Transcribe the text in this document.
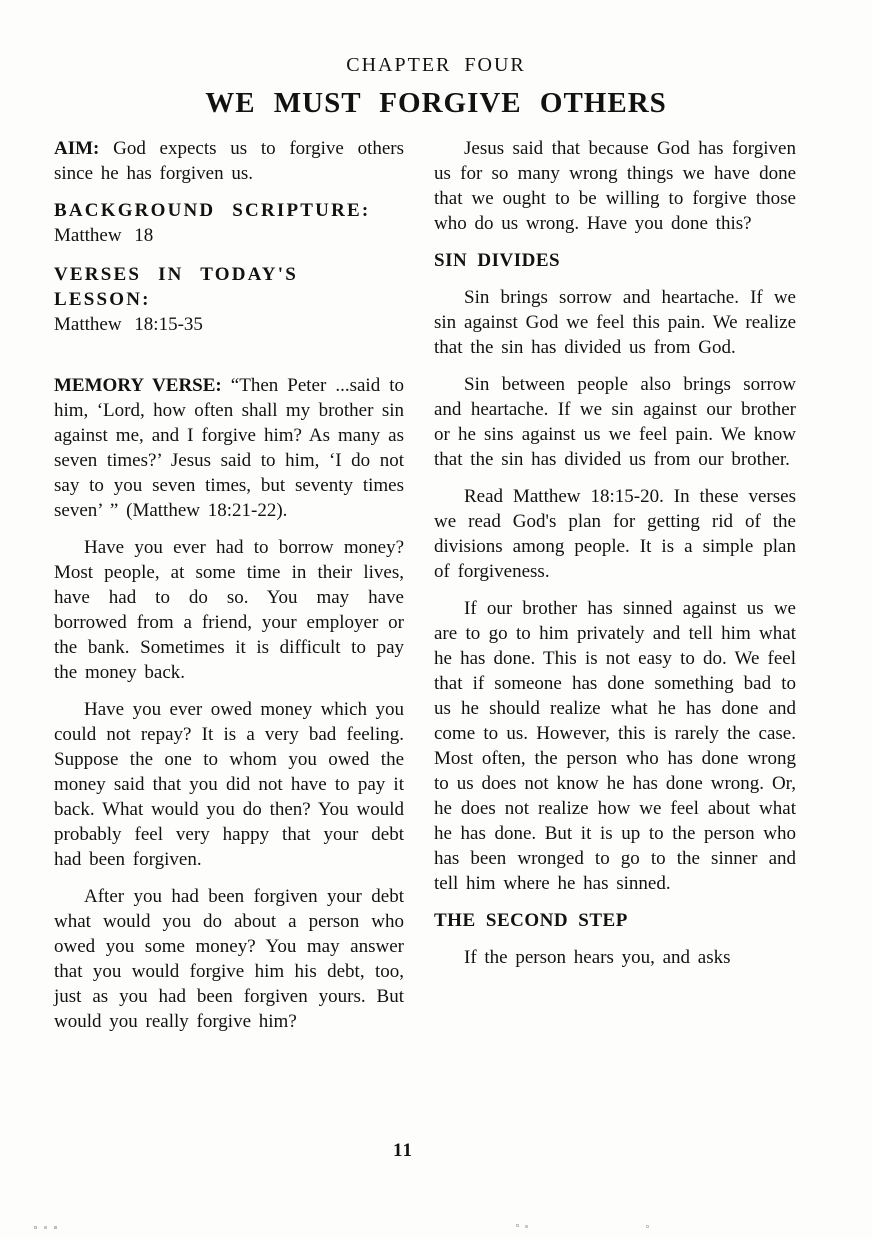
CHAPTER FOUR
WE MUST FORGIVE OTHERS

AIM: God expects us to forgive others since he has forgiven us.

BACKGROUND SCRIPTURE:

Matthew 18

VERSES IN TODAY'S LESSON:

Matthew 18:15-35

MEMORY VERSE: “Then Peter ...said to him, ‘Lord, how often shall my brother sin against me, and I forgive him? As many as seven times?’ Jesus said to him, ‘I do not say to you seven times, but seventy times seven’ ” (Matthew 18:21-22).

Have you ever had to borrow money? Most people, at some time in their lives, have had to do so. You may have borrowed from a friend, your employer or the bank. Sometimes it is difficult to pay the money back.

Have you ever owed money which you could not repay? It is a very bad feeling. Suppose the one to whom you owed the money said that you did not have to pay it back. What would you do then? You would probably feel very happy that your debt had been forgiven.

After you had been forgiven your debt what would you do about a person who owed you some money? You may answer that you would forgive him his debt, too, just as you had been forgiven yours. But would you really forgive him?

Jesus said that because God has forgiven us for so many wrong things we have done that we ought to be willing to forgive those who do us wrong. Have you done this?

SIN DIVIDES

Sin brings sorrow and heartache. If we sin against God we feel this pain. We realize that the sin has divided us from God.

Sin between people also brings sorrow and heartache. If we sin against our brother or he sins against us we feel pain. We know that the sin has divided us from our brother.

Read Matthew 18:15-20. In these verses we read God's plan for getting rid of the divisions among people. It is a simple plan of forgiveness.

If our brother has sinned against us we are to go to him privately and tell him what he has done. This is not easy to do. We feel that if someone has done something bad to us he should realize what he has done and come to us. However, this is rarely the case. Most often, the person who has done wrong to us does not know he has done wrong. Or, he does not realize how we feel about what he has done. But it is up to the person who has been wronged to go to the sinner and tell him where he has sinned.

THE SECOND STEP

If the person hears you, and asks

11
